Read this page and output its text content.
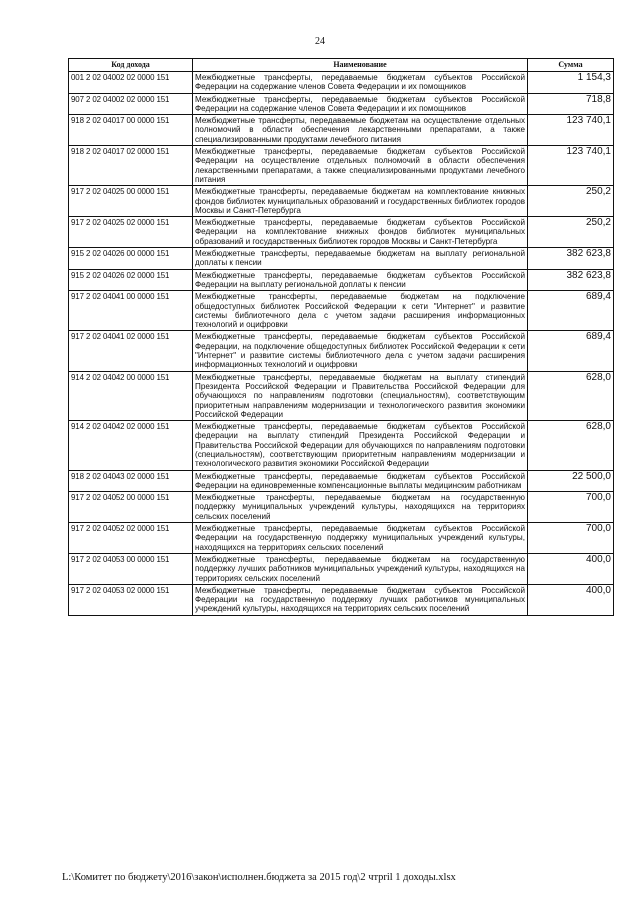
24
Код дохода	Наименование	Сумма
001 2 02 04002 02 0000 151	Межбюджетные трансферты, передаваемые бюджетам субъектов Российской Федерации на содержание членов Совета Федерации и их помощников	1 154,3
907 2 02 04002 02 0000 151	Межбюджетные трансферты, передаваемые бюджетам субъектов Российской Федерации на содержание членов Совета Федерации и их помощников	718,8
918 2 02 04017 00 0000 151	Межбюджетные трансферты, передаваемые бюджетам на осуществление отдельных полномочий в области обеспечения лекарственными препаратами, а также специализированными продуктами лечебного питания	123 740,1
918 2 02 04017 02 0000 151	Межбюджетные трансферты, передаваемые бюджетам субъектов Российской Федерации на осуществление отдельных полномочий в области обеспечения лекарственными препаратами, а также специализированными продуктами лечебного питания	123 740,1
917 2 02 04025 00 0000 151	Межбюджетные трансферты, передаваемые бюджетам на комплектование книжных фондов библиотек муниципальных образований и государственных библиотек городов Москвы и Санкт-Петербурга	250,2
917 2 02 04025 02 0000 151	Межбюджетные трансферты, передаваемые бюджетам субъектов Российской Федерации на комплектование книжных фондов библиотек муниципальных образований и государственных библиотек городов Москвы и Санкт-Петербурга	250,2
915 2 02 04026 00 0000 151	Межбюджетные трансферты, передаваемые бюджетам на выплату региональной доплаты к пенсии	382 623,8
915 2 02 04026 02 0000 151	Межбюджетные трансферты, передаваемые бюджетам субъектов Российской Федерации на выплату региональной доплаты к пенсии	382 623,8
917 2 02 04041 00 0000 151	Межбюджетные трансферты, передаваемые бюджетам на подключение общедоступных библиотек Российской Федерации к сети "Интернет" и развитие системы библиотечного дела с учетом задачи расширения информационных технологий и оцифровки	689,4
917 2 02 04041 02 0000 151	Межбюджетные трансферты, передаваемые бюджетам субъектов Российской Федерации, на подключение общедоступных библиотек Российской Федерации к сети "Интернет" и развитие системы библиотечного дела с учетом задачи расширения информационных технологий и оцифровки	689,4
914 2 02 04042 00 0000 151	Межбюджетные трансферты, передаваемые бюджетам на выплату стипендий Президента Российской Федерации и Правительства Российской Федерации для обучающихся по направлениям подготовки (специальностям), соответствующим приоритетным направлениям модернизации и технологического развития экономики Российской Федерации	628,0
914 2 02 04042 02 0000 151	Межбюджетные трансферты, передаваемые бюджетам субъектов Российской федерации на выплату стипендий Президента Российской Федерации и Правительства Российской Федерации для обучающихся по направлениям подготовки (специальностям), соответствующим приоритетным направлениям модернизации и технологического развития экономики Российской Федерации	628,0
918 2 02 04043 02 0000 151	Межбюджетные трансферты, передаваемые бюджетам субъектов Российской Федерации на единовременные компенсационные выплаты медицинским работникам	22 500,0
917 2 02 04052 00 0000 151	Межбюджетные трансферты, передаваемые бюджетам на государственную поддержку муниципальных учреждений культуры, находящихся на территориях сельских поселений	700,0
917 2 02 04052 02 0000 151	Межбюджетные трансферты, передаваемые бюджетам субъектов Российской Федерации на государственную поддержку муниципальных учреждений культуры, находящихся на территориях сельских поселений	700,0
917 2 02 04053 00 0000 151	Межбюджетные трансферты, передаваемые бюджетам на государственную поддержку лучших работников муниципальных учреждений культуры, находящихся на территориях сельских поселений	400,0
917 2 02 04053 02 0000 151	Межбюджетные трансферты, передаваемые бюджетам субъектов Российской Федерации на государственную поддержку лучших работников муниципальных учреждений культуры, находящихся на территориях сельских поселений	400,0
L:\Комитет по бюджету\2016\закон\исполнен.бюджета за 2015 год\2 чтpril 1 доходы.xlsx
